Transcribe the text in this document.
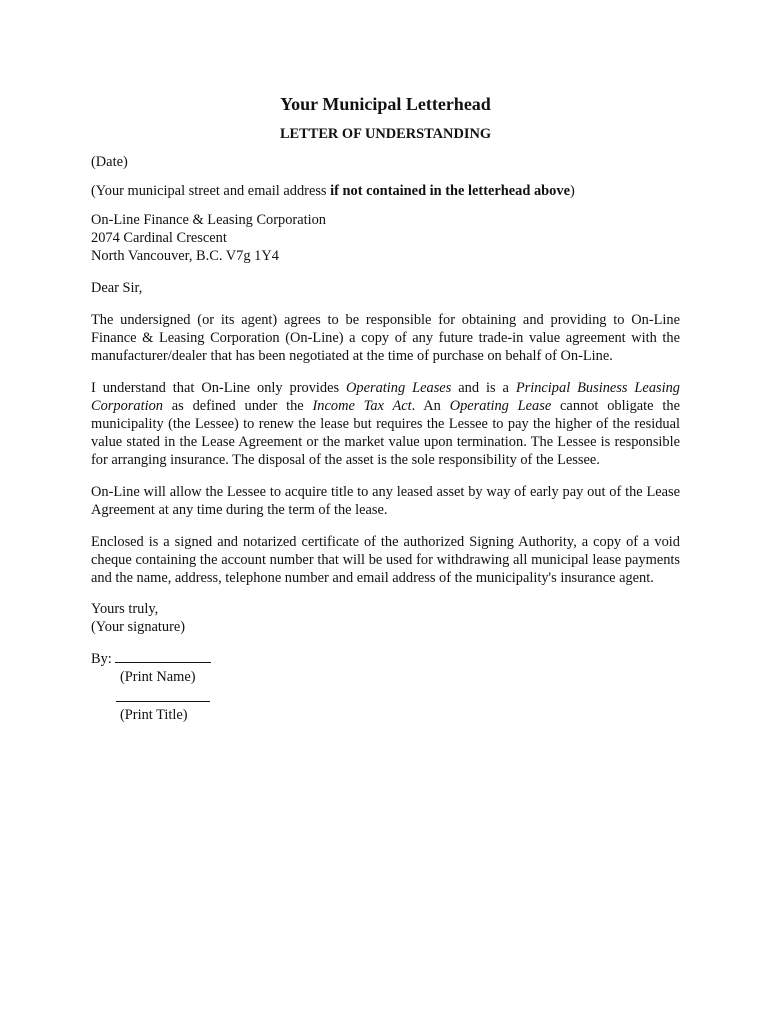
Your Municipal Letterhead
LETTER OF UNDERSTANDING
(Date)
(Your municipal street and email address if not contained in the letterhead above)
On-Line Finance & Leasing Corporation
2074 Cardinal Crescent
North Vancouver, B.C. V7g 1Y4
Dear Sir,

The undersigned (or its agent) agrees to be responsible for obtaining and providing to On-Line Finance & Leasing Corporation (On-Line) a copy of any future trade-in value agreement with the manufacturer/dealer that has been negotiated at the time of purchase on behalf of On-Line.

I understand that On-Line only provides Operating Leases and is a Principal Business Leasing Corporation as defined under the Income Tax Act. An Operating Lease cannot obligate the municipality (the Lessee) to renew the lease but requires the Lessee to pay the higher of the residual value stated in the Lease Agreement or the market value upon termination. The Lessee is responsible for arranging insurance. The disposal of the asset is the sole responsibility of the Lessee.

On-Line will allow the Lessee to acquire title to any leased asset by way of early pay out of the Lease Agreement at any time during the term of the lease.

Enclosed is a signed and notarized certificate of the authorized Signing Authority, a copy of a void cheque containing the account number that will be used for withdrawing all municipal lease payments and the name, address, telephone number and email address of the municipality's insurance agent.

Yours truly,
(Your signature)
By:
(Print Name)
(Print Title)
